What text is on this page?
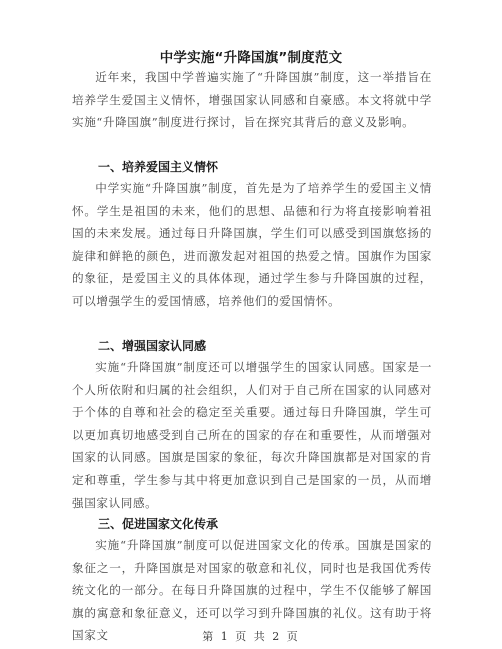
中学实施“升降国旗”制度范文

近年来，我国中学普遍实施了“升降国旗”制度，这一举措旨在培养学生爱国主义情怀，增强国家认同感和自豪感。本文将就中学实施“升降国旗”制度进行探讨，旨在探究其背后的意义及影响。

一、培养爱国主义情怀

中学实施“升降国旗”制度，首先是为了培养学生的爱国主义情怀。学生是祖国的未来，他们的思想、品德和行为将直接影响着祖国的未来发展。通过每日升降国旗，学生们可以感受到国旗悠扬的旋律和鲜艳的颜色，进而激发起对祖国的热爱之情。国旗作为国家的象征，是爱国主义的具体体现，通过学生参与升降国旗的过程，可以增强学生的爱国情感，培养他们的爱国情怀。

二、增强国家认同感

实施“升降国旗”制度还可以增强学生的国家认同感。国家是一个人所依附和归属的社会组织，人们对于自己所在国家的认同感对于个体的自尊和社会的稳定至关重要。通过每日升降国旗，学生可以更加真切地感受到自己所在的国家的存在和重要性，从而增强对国家的认同感。国旗是国家的象征，每次升降国旗都是对国家的肯定和尊重，学生参与其中将更加意识到自己是国家的一员，从而增强国家认同感。

三、促进国家文化传承

实施“升降国旗”制度可以促进国家文化的传承。国旗是国家的象征之一，升降国旗是对国家的敬意和礼仪，同时也是我国优秀传统文化的一部分。在每日升降国旗的过程中，学生不仅能够了解国旗的寓意和象征意义，还可以学习到升降国旗的礼仪。这有助于将国家文	第 1 页 共 2 页
